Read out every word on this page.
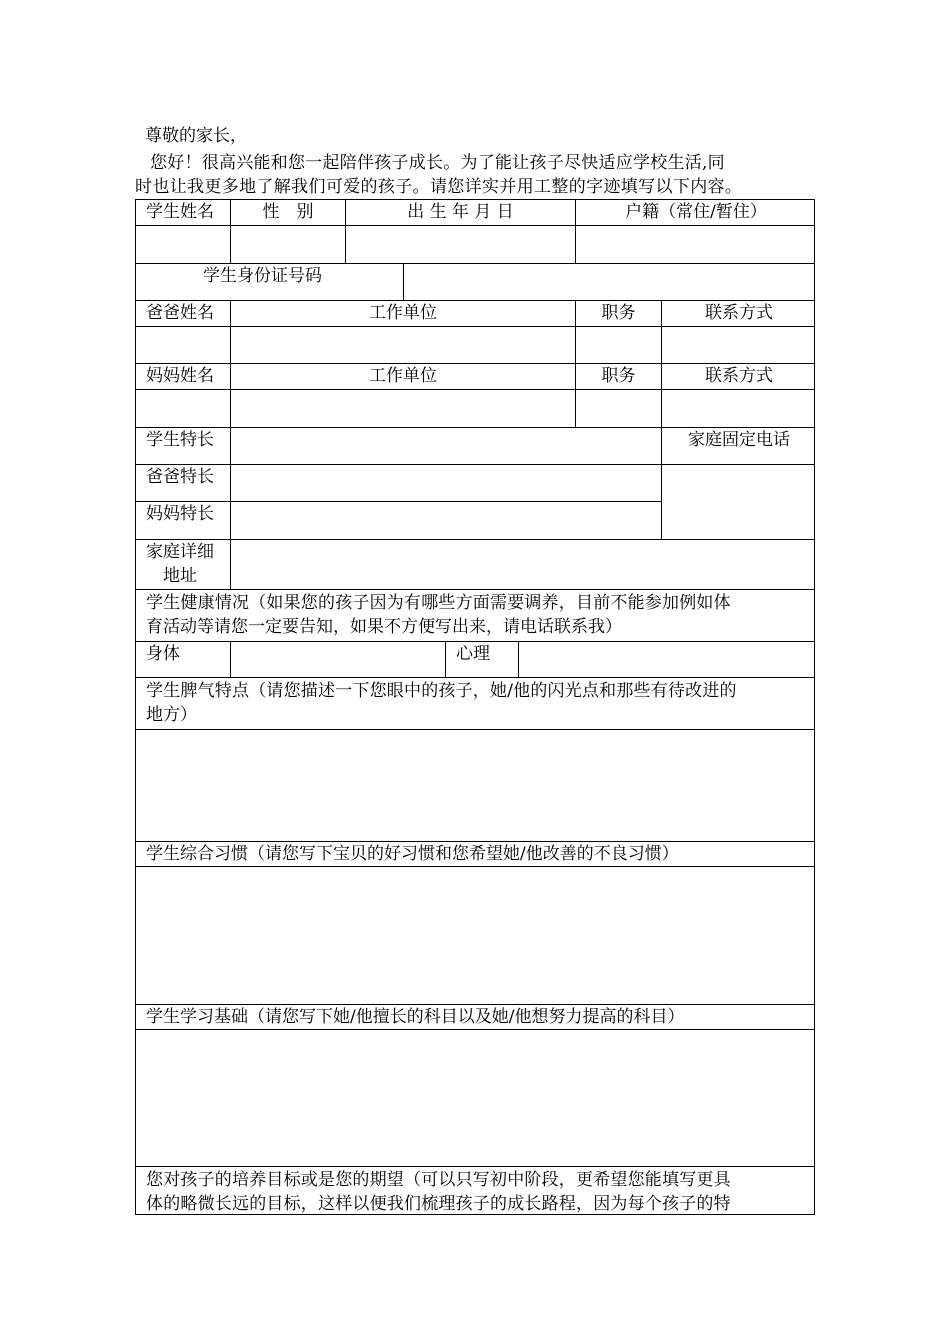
尊敬的家长，
您好！很高兴能和您一起陪伴孩子成长。为了能让孩子尽快适应学校生活,同
时也让我更多地了解我们可爱的孩子。请您详实并用工整的字迹填写以下内容。
学生姓名	性　别	出 生 年 月 日	户籍（常住/暂住）
学生身份证号码
爸爸姓名	工作单位	职务	联系方式
妈妈姓名	工作单位	职务	联系方式
学生特长	家庭固定电话
爸爸特长
妈妈特长
家庭详细
地址
学生健康情况（如果您的孩子因为有哪些方面需要调养，目前不能参加例如体
育活动等请您一定要告知，如果不方便写出来，请电话联系我）
身体	心理
学生脾气特点（请您描述一下您眼中的孩子，她/他的闪光点和那些有待改进的
地方）
学生综合习惯（请您写下宝贝的好习惯和您希望她/他改善的不良习惯）
学生学习基础（请您写下她/他擅长的科目以及她/他想努力提高的科目）
您对孩子的培养目标或是您的期望（可以只写初中阶段，更希望您能填写更具
体的略微长远的目标，这样以便我们梳理孩子的成长路程，因为每个孩子的特
